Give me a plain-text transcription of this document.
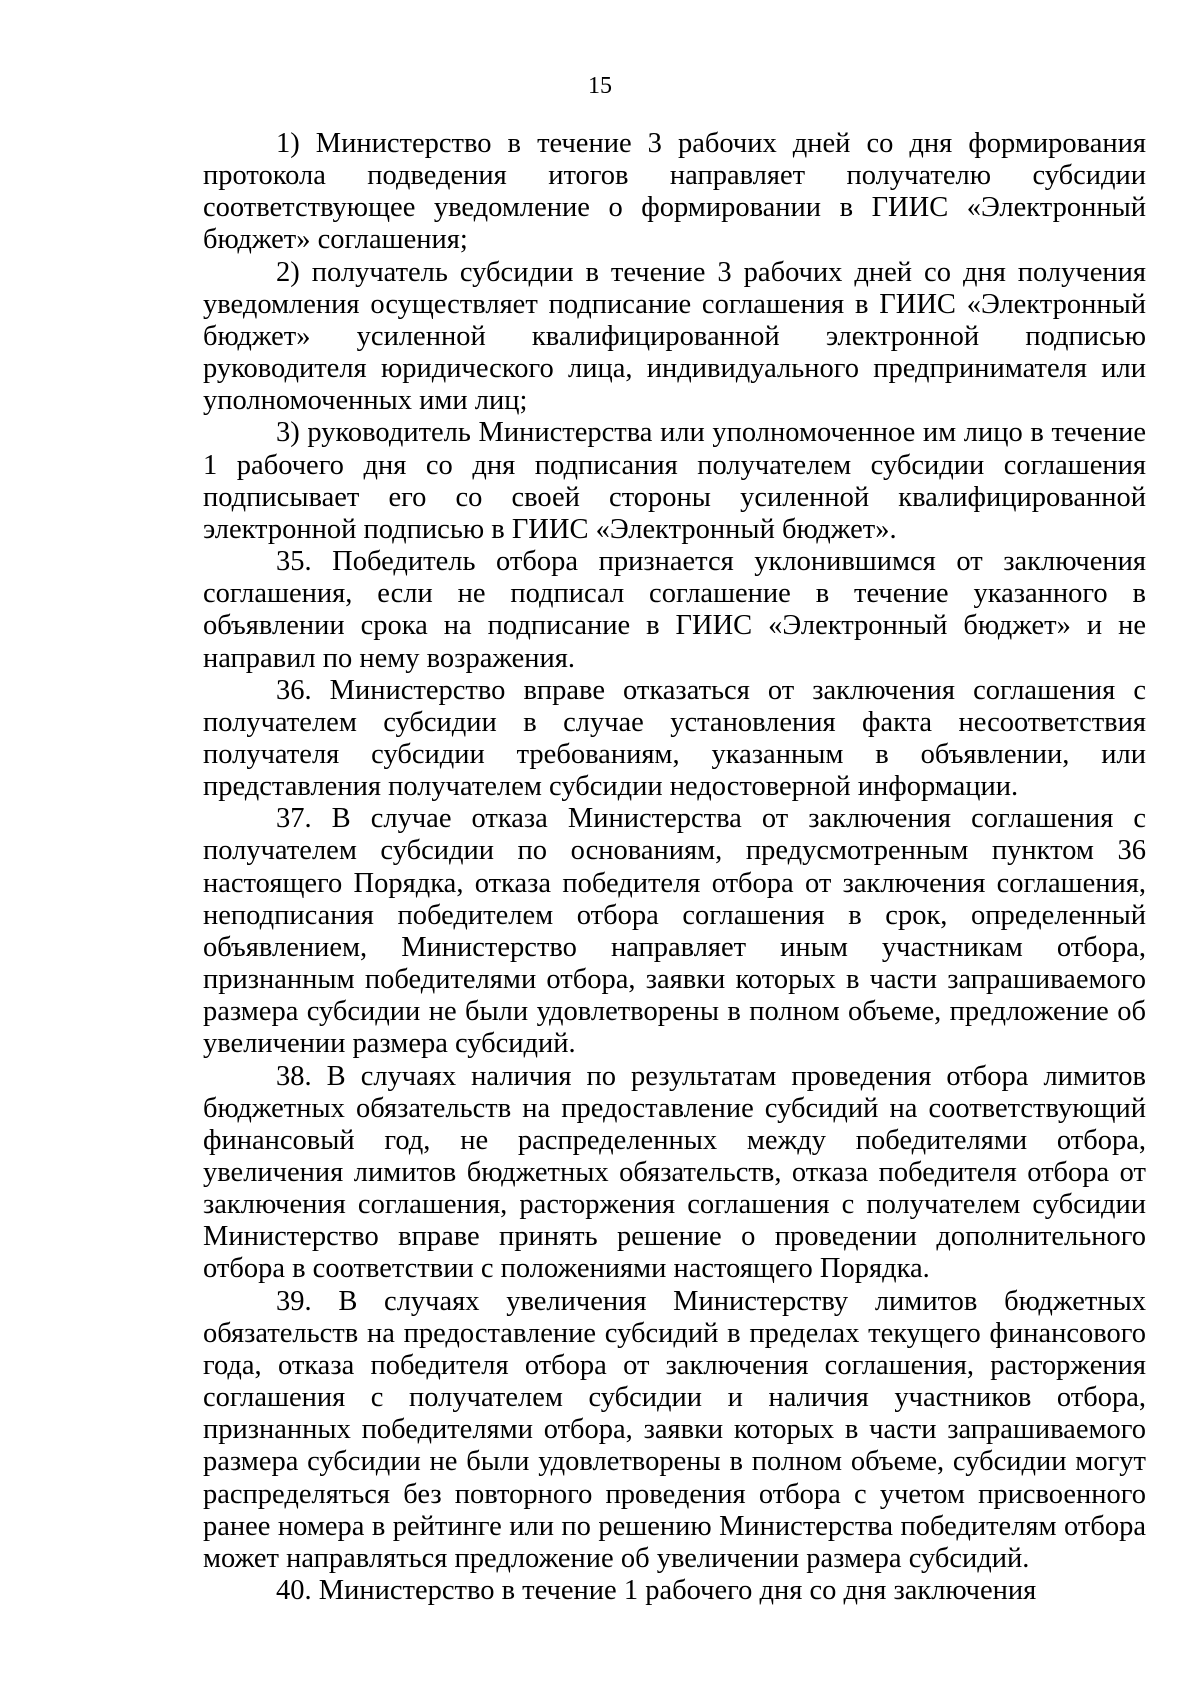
15

1) Министерство в течение 3 рабочих дней со дня формирования протокола подведения итогов направляет получателю субсидии соответствующее уведомление о формировании в ГИИС «Электронный бюджет» соглашения;

2) получатель субсидии в течение 3 рабочих дней со дня получения уведомления осуществляет подписание соглашения в ГИИС «Электронный бюджет» усиленной квалифицированной электронной подписью руководителя юридического лица, индивидуального предпринимателя или уполномоченных ими лиц;

3) руководитель Министерства или уполномоченное им лицо в течение 1 рабочего дня со дня подписания получателем субсидии соглашения подписывает его со своей стороны усиленной квалифицированной электронной подписью в ГИИС «Электронный бюджет».

35. Победитель отбора признается уклонившимся от заключения соглашения, если не подписал соглашение в течение указанного в объявлении срока на подписание в ГИИС «Электронный бюджет» и не направил по нему возражения.

36. Министерство вправе отказаться от заключения соглашения с получателем субсидии в случае установления факта несоответствия получателя субсидии требованиям, указанным в объявлении, или представления получателем субсидии недостоверной информации.

37. В случае отказа Министерства от заключения соглашения с получателем субсидии по основаниям, предусмотренным пунктом 36 настоящего Порядка, отказа победителя отбора от заключения соглашения, неподписания победителем отбора соглашения в срок, определенный объявлением, Министерство направляет иным участникам отбора, признанным победителями отбора, заявки которых в части запрашиваемого размера субсидии не были удовлетворены в полном объеме, предложение об увеличении размера субсидий.

38. В случаях наличия по результатам проведения отбора лимитов бюджетных обязательств на предоставление субсидий на соответствующий финансовый год, не распределенных между победителями отбора, увеличения лимитов бюджетных обязательств, отказа победителя отбора от заключения соглашения, расторжения соглашения с получателем субсидии Министерство вправе принять решение о проведении дополнительного отбора в соответствии с положениями настоящего Порядка.

39. В случаях увеличения Министерству лимитов бюджетных обязательств на предоставление субсидий в пределах текущего финансового года, отказа победителя отбора от заключения соглашения, расторжения соглашения с получателем субсидии и наличия участников отбора, признанных победителями отбора, заявки которых в части запрашиваемого размера субсидии не были удовлетворены в полном объеме, субсидии могут распределяться без повторного проведения отбора с учетом присвоенного ранее номера в рейтинге или по решению Министерства победителям отбора может направляться предложение об увеличении размера субсидий.

40. Министерство в течение 1 рабочего дня со дня заключения
